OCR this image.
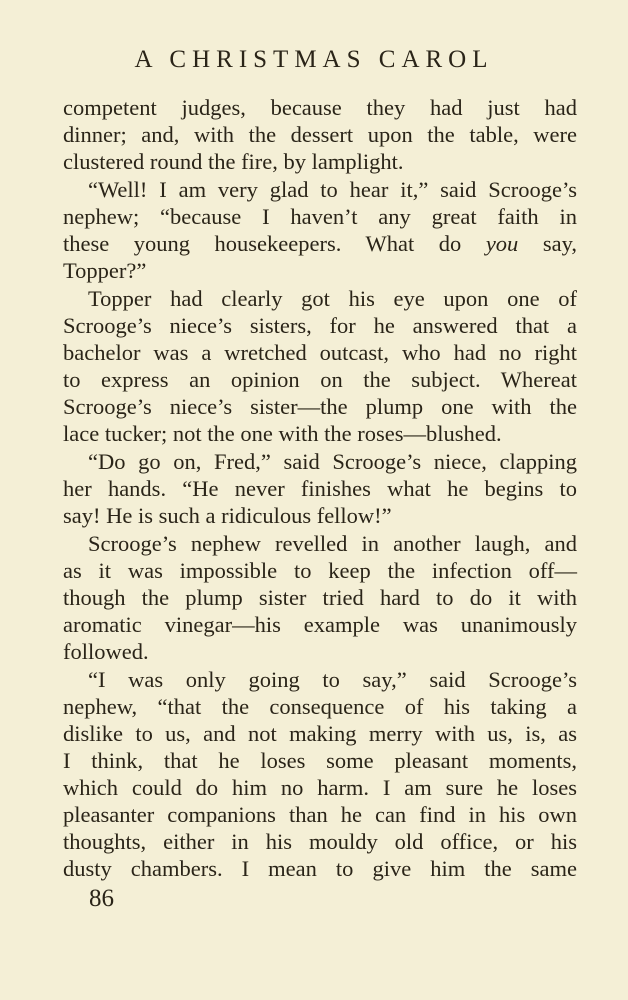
A CHRISTMAS CAROL
competent judges, because they had just had
dinner; and, with the dessert upon the table, were
clustered round the fire, by lamplight.
“Well! I am very glad to hear it,” said Scrooge’s
nephew; “because I haven’t any great faith in
these young housekeepers. What do you say,
Topper?”
Topper had clearly got his eye upon one of
Scrooge’s niece’s sisters, for he answered that a
bachelor was a wretched outcast, who had no right
to express an opinion on the subject. Whereat
Scrooge’s niece’s sister—the plump one with the
lace tucker; not the one with the roses—blushed.
“Do go on, Fred,” said Scrooge’s niece, clapping
her hands. “He never finishes what he begins to
say! He is such a ridiculous fellow!”
Scrooge’s nephew revelled in another laugh, and
as it was impossible to keep the infection off—
though the plump sister tried hard to do it with
aromatic vinegar—his example was unanimously
followed.
“I was only going to say,” said Scrooge’s
nephew, “that the consequence of his taking a
dislike to us, and not making merry with us, is, as
I think, that he loses some pleasant moments,
which could do him no harm. I am sure he loses
pleasanter companions than he can find in his own
thoughts, either in his mouldy old office, or his
dusty chambers. I mean to give him the same
86
